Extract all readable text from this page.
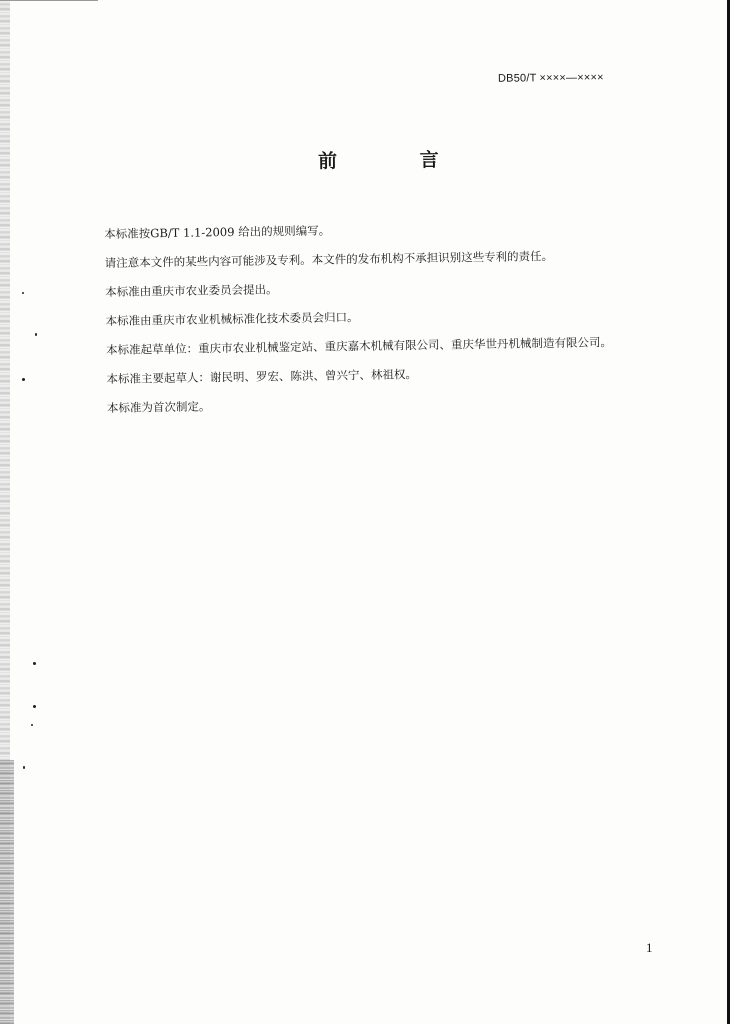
DB50/T ××××—××××
前 言
本标准按GB/T 1.1-2009 给出的规则编写。
请注意本文件的某些内容可能涉及专利。本文件的发布机构不承担识别这些专利的责任。
本标准由重庆市农业委员会提出。
本标准由重庆市农业机械标准化技术委员会归口。
本标准起草单位：重庆市农业机械鉴定站、重庆嘉木机械有限公司、重庆华世丹机械制造有限公司。
本标准主要起草人：谢民明、罗宏、陈洪、曾兴宁、林祖权。
本标准为首次制定。
1
